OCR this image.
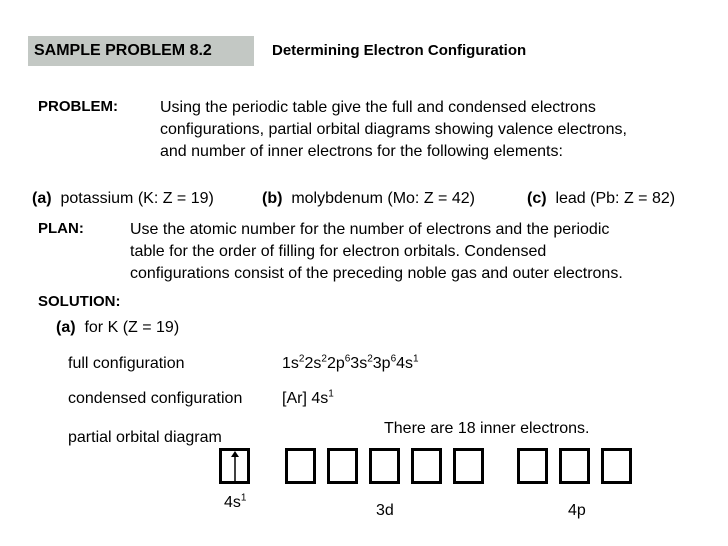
SAMPLE PROBLEM 8.2	Determining Electron Configuration
PROBLEM:	Using the periodic table give the full and condensed electrons
configurations, partial orbital diagrams showing valence electrons,
and number of inner electrons for the following elements:
(a) potassium (K: Z = 19)	(b) molybdenum (Mo: Z = 42)	(c) lead (Pb: Z = 82)
PLAN:	Use the atomic number for the number of electrons and the periodic
table for the order of filling for electron orbitals. Condensed
configurations consist of the preceding noble gas and outer electrons.
SOLUTION:
(a) for K (Z = 19)
full configuration	$1s^22s^22p^63s^23p^64s^1$
condensed configuration [Ar] $4s^1$
There are 18 inner electrons.
partial orbital diagram
$4s^1$
3d	4p
